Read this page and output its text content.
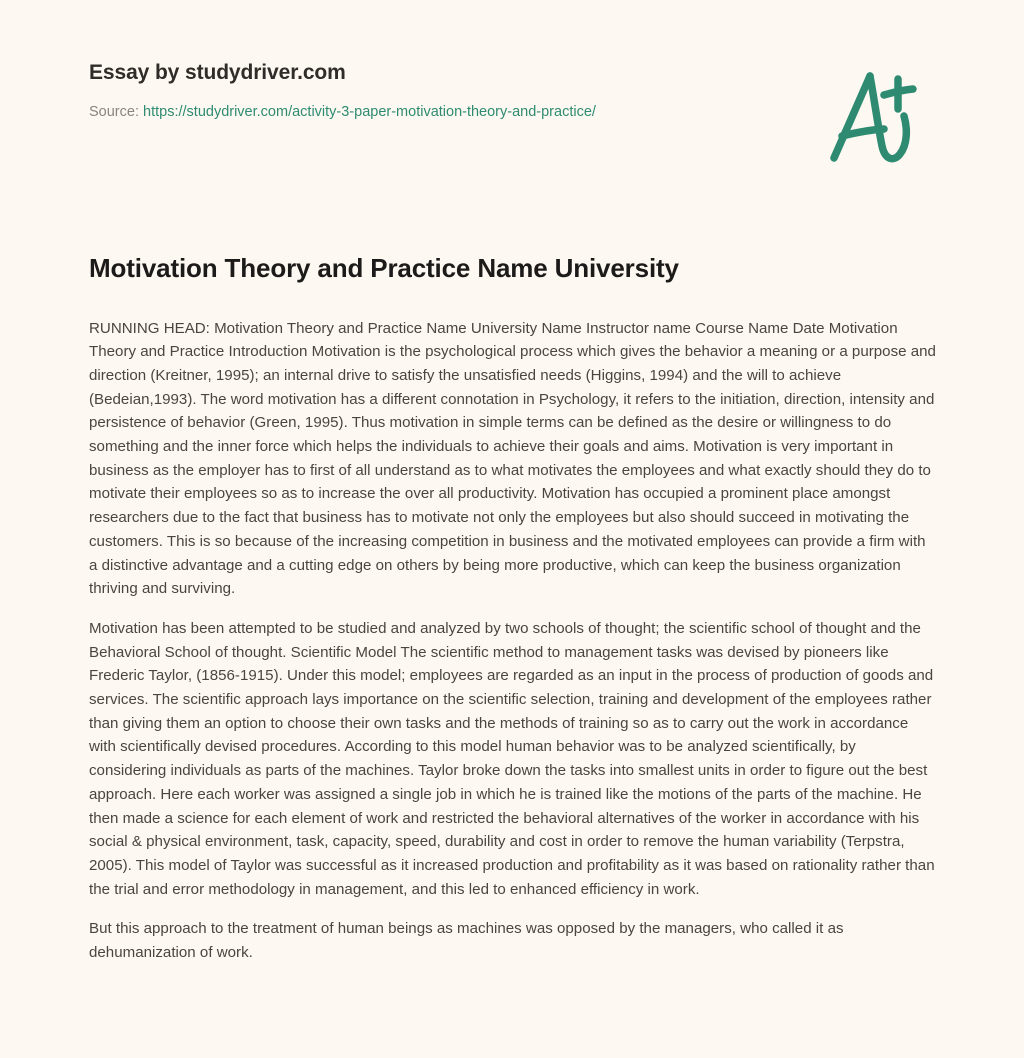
Essay by studydriver.com
Source: https://studydriver.com/activity-3-paper-motivation-theory-and-practice/
Motivation Theory and Practice Name University

RUNNING HEAD: Motivation Theory and Practice Name University Name Instructor name Course Name Date Motivation Theory and Practice Introduction Motivation is the psychological process which gives the behavior a meaning or a purpose and direction (Kreitner, 1995); an internal drive to satisfy the unsatisfied needs (Higgins, 1994) and the will to achieve (Bedeian,1993). The word motivation has a different connotation in Psychology, it refers to the initiation, direction, intensity and persistence of behavior (Green, 1995). Thus motivation in simple terms can be defined as the desire or willingness to do something and the inner force which helps the individuals to achieve their goals and aims. Motivation is very important in business as the employer has to first of all understand as to what motivates the employees and what exactly should they do to motivate their employees so as to increase the over all productivity. Motivation has occupied a prominent place amongst researchers due to the fact that business has to motivate not only the employees but also should succeed in motivating the customers. This is so because of the increasing competition in business and the motivated employees can provide a firm with a distinctive advantage and a cutting edge on others by being more productive, which can keep the business organization thriving and surviving.

Motivation has been attempted to be studied and analyzed by two schools of thought; the scientific school of thought and the Behavioral School of thought. Scientific Model The scientific method to management tasks was devised by pioneers like Frederic Taylor, (1856-1915). Under this model; employees are regarded as an input in the process of production of goods and services. The scientific approach lays importance on the scientific selection, training and development of the employees rather than giving them an option to choose their own tasks and the methods of training so as to carry out the work in accordance with scientifically devised procedures. According to this model human behavior was to be analyzed scientifically, by considering individuals as parts of the machines. Taylor broke down the tasks into smallest units in order to figure out the best approach. Here each worker was assigned a single job in which he is trained like the motions of the parts of the machine. He then made a science for each element of work and restricted the behavioral alternatives of the worker in accordance with his social & physical environment, task, capacity, speed, durability and cost in order to remove the human variability (Terpstra, 2005). This model of Taylor was successful as it increased production and profitability as it was based on rationality rather than the trial and error methodology in management, and this led to enhanced efficiency in work.

But this approach to the treatment of human beings as machines was opposed by the managers, who called it as dehumanization of work.
